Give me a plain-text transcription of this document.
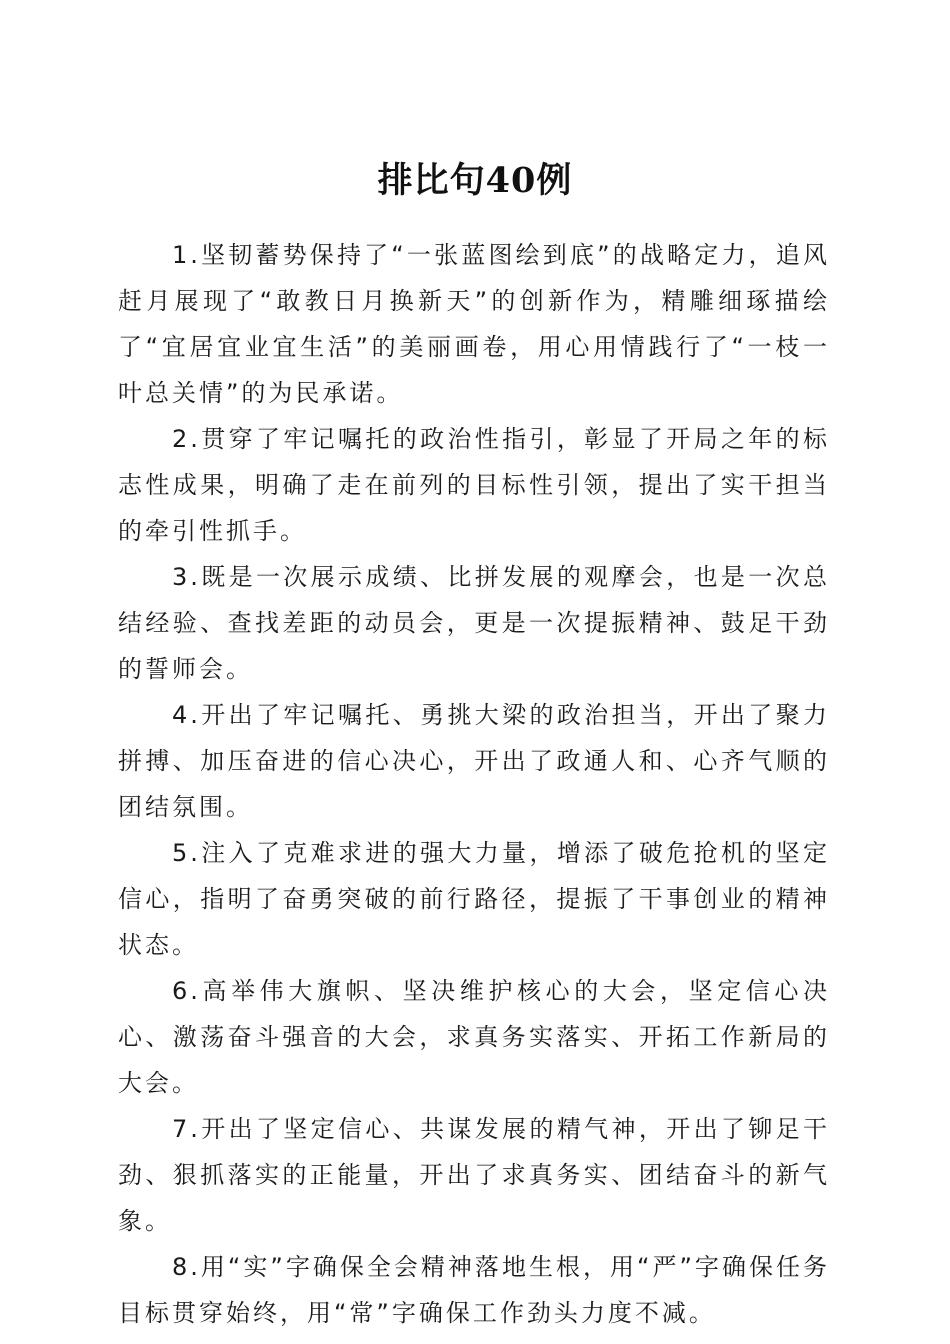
排比句40例

1.坚韧蓄势保持了“一张蓝图绘到底”的战略定力，追风赶月展现了“敢教日月换新天”的创新作为，精雕细琢描绘了“宜居宜业宜生活”的美丽画卷，用心用情践行了“一枝一叶总关情”的为民承诺。

2.贯穿了牢记嘱托的政治性指引，彰显了开局之年的标志性成果，明确了走在前列的目标性引领，提出了实干担当的牵引性抓手。

3.既是一次展示成绩、比拼发展的观摩会，也是一次总结经验、查找差距的动员会，更是一次提振精神、鼓足干劲的誓师会。

4.开出了牢记嘱托、勇挑大梁的政治担当，开出了聚力拼搏、加压奋进的信心决心，开出了政通人和、心齐气顺的团结氛围。

5.注入了克难求进的强大力量，增添了破危抢机的坚定信心，指明了奋勇突破的前行路径，提振了干事创业的精神状态。

6.高举伟大旗帜、坚决维护核心的大会，坚定信心决心、激荡奋斗强音的大会，求真务实落实、开拓工作新局的大会。

7.开出了坚定信心、共谋发展的精气神，开出了铆足干劲、狠抓落实的正能量，开出了求真务实、团结奋斗的新气象。

8.用“实”字确保全会精神落地生根，用“严”字确保任务目标贯穿始终，用“常”字确保工作劲头力度不减。
